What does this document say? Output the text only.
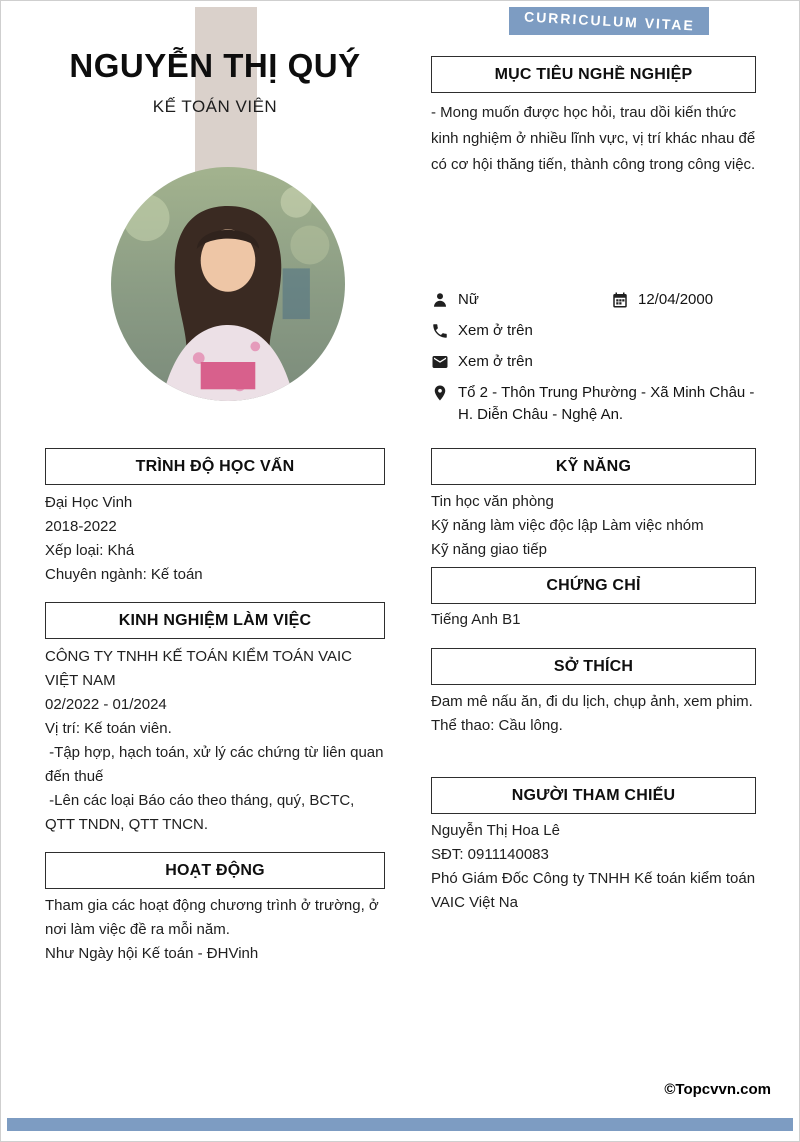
CURRICULUM VITAE
NGUYỄN THỊ QUÝ
KẾ TOÁN VIÊN
TRÌNH ĐỘ HỌC VẤN
Đại Học Vinh
2018-2022
Xếp loại: Khá
Chuyên ngành: Kế toán
KINH NGHIỆM LÀM VIỆC
CÔNG TY TNHH KẾ TOÁN KIỂM TOÁN VAIC VIỆT NAM
02/2022 - 01/2024
Vị trí: Kế toán viên.
-Tập hợp, hạch toán, xử lý các chứng từ liên quan đến thuế
-Lên các loại Báo cáo theo tháng, quý, BCTC, QTT TNDN, QTT TNCN.
HOẠT ĐỘNG
Tham gia các hoạt động chương trình ở trường, ở nơi làm việc đề ra mỗi năm.
Như Ngày hội Kế toán - ĐHVinh
MỤC TIÊU NGHỀ NGHIỆP
- Mong muốn được học hỏi, trau dồi kiến thức kinh nghiệm ở nhiều lĩnh vực, vị trí khác nhau để có cơ hội thăng tiến, thành công trong công việc.
Nữ	12/04/2000
Xem ở trên
Xem ở trên
Tổ 2 - Thôn Trung Phường - Xã Minh Châu - H. Diễn Châu - Nghệ An.
KỸ NĂNG
Tin học văn phòng
Kỹ năng làm việc độc lập Làm việc nhóm
Kỹ năng giao tiếp
CHỨNG CHỈ
Tiếng Anh B1
SỞ THÍCH
Đam mê nấu ăn, đi du lịch, chụp ảnh, xem phim.
Thể thao: Cầu lông.
NGƯỜI THAM CHIẾU
Nguyễn Thị Hoa Lê
SĐT: 0911140083
Phó Giám Đốc Công ty TNHH Kế toán kiểm toán VAIC Việt Na
©Topcvvn.com
